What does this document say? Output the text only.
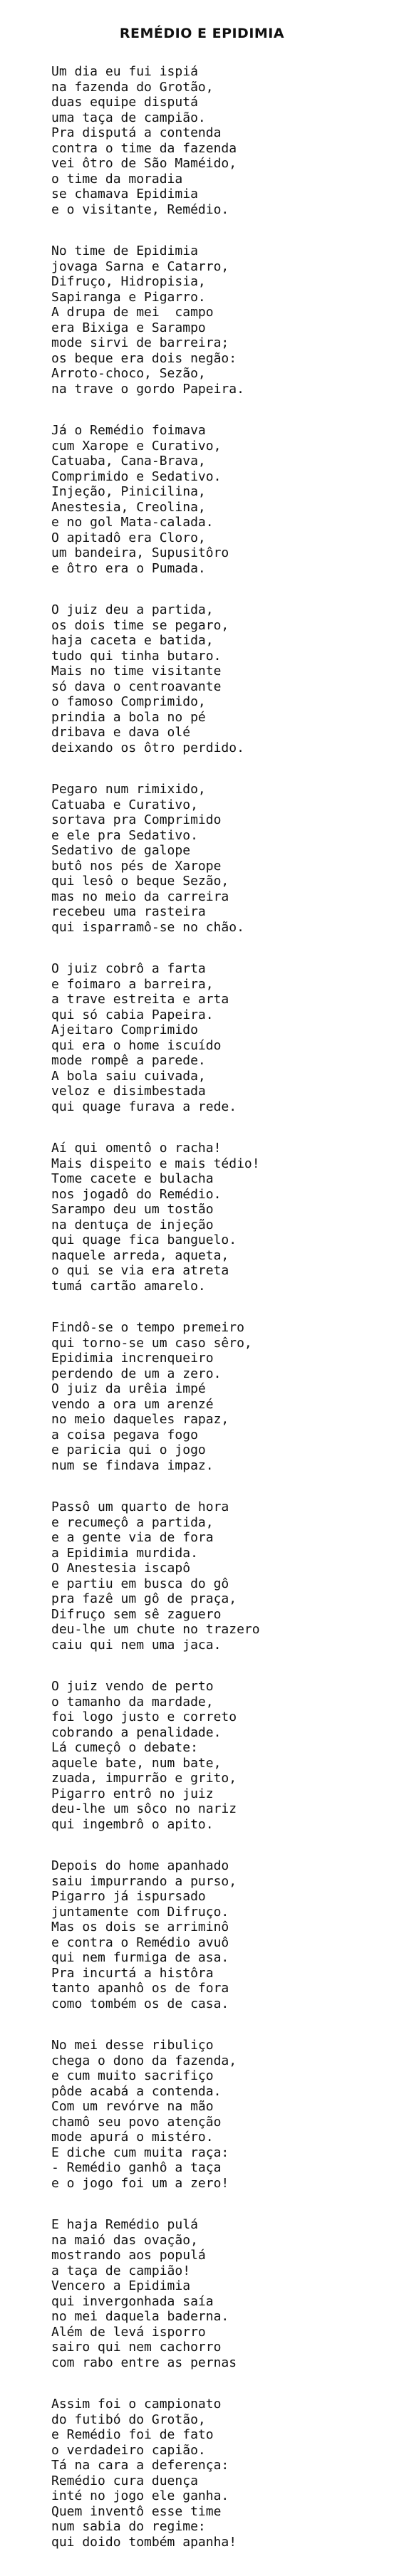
REMÉDIO E EPIDIMIA
Um dia eu fui ispiá
na fazenda do Grotão,
duas equipe disputá
uma taça de campião.
Pra disputá a contenda
contra o time da fazenda
vei ôtro de São Maméido,
o time da moradia
se chamava Epidimia
e o visitante, Remédio.
No time de Epidimia
jovaga Sarna e Catarro,
Difruço, Hidropisia,
Sapiranga e Pigarro.
A drupa de mei  campo
era Bixiga e Sarampo
mode sirvi de barreira;
os beque era dois negão:
Arroto-choco, Sezão,
na trave o gordo Papeira.
Já o Remédio foimava
cum Xarope e Curativo,
Catuaba, Cana-Brava,
Comprimido e Sedativo.
Injeção, Pinicilina,
Anestesia, Creolina,
e no gol Mata-calada.
O apitadô era Cloro,
um bandeira, Supusitôro
e ôtro era o Pumada.
O juiz deu a partida,
os dois time se pegaro,
haja caceta e batida,
tudo qui tinha butaro.
Mais no time visitante
só dava o centroavante
o famoso Comprimido,
prindia a bola no pé
dribava e dava olé
deixando os ôtro perdido.
Pegaro num rimixido,
Catuaba e Curativo,
sortava pra Comprimido
e ele pra Sedativo.
Sedativo de galope
butô nos pés de Xarope
qui lesô o beque Sezão,
mas no meio da carreira
recebeu uma rasteira
qui isparramô-se no chão.
O juiz cobrô a farta
e foimaro a barreira,
a trave estreita e arta
qui só cabia Papeira.
Ajeitaro Comprimido
qui era o home iscuído
mode rompê a parede.
A bola saiu cuivada,
veloz e disimbestada
qui quage furava a rede.
Aí qui omentô o racha!
Mais dispeito e mais tédio!
Tome cacete e bulacha
nos jogadô do Remédio.
Sarampo deu um tostão
na dentuça de injeção
qui quage fica banguelo.
naquele arreda, aqueta,
o qui se via era atreta
tumá cartão amarelo.
Findô-se o tempo premeiro
qui torno-se um caso sêro,
Epidimia increnqueiro
perdendo de um a zero.
O juiz da urêia impé
vendo a ora um arenzé
no meio daqueles rapaz,
a coisa pegava fogo
e paricia qui o jogo
num se findava impaz.
Passô um quarto de hora
e recumeçô a partida,
e a gente via de fora
a Epidimia murdida.
O Anestesia iscapô
e partiu em busca do gô
pra fazê um gô de praça,
Difruço sem sê zaguero
deu-lhe um chute no trazero
caiu qui nem uma jaca.
O juiz vendo de perto
o tamanho da mardade,
foi logo justo e correto
cobrando a penalidade.
Lá cumeçô o debate:
aquele bate, num bate,
zuada, impurrão e grito,
Pigarro entrô no juiz
deu-lhe um sôco no nariz
qui ingembrô o apito.
Depois do home apanhado
saiu impurrando a purso,
Pigarro já ispursado
juntamente com Difruço.
Mas os dois se arriminô
e contra o Remédio avuô
qui nem furmiga de asa.
Pra incurtá a histôra
tanto apanhô os de fora
como tombém os de casa.
No mei desse ribuliço
chega o dono da fazenda,
e cum muito sacrifiço
pôde acabá a contenda.
Com um revórve na mão
chamô seu povo atenção
mode apurá o mistéro.
E diche cum muita raça:
- Remédio ganhô a taça
e o jogo foi um a zero!
E haja Remédio pulá
na maió das ovação,
mostrando aos populá
a taça de campião!
Vencero a Epidimia
qui invergonhada saía
no mei daquela baderna.
Além de levá isporro
sairo qui nem cachorro
com rabo entre as pernas
Assim foi o campionato
do futibó do Grotão,
e Remédio foi de fato
o verdadeiro capião.
Tá na cara a deferença:
Remédio cura duença
inté no jogo ele ganha.
Quem inventô esse time
num sabia do regime:
qui doido tombém apanha!
